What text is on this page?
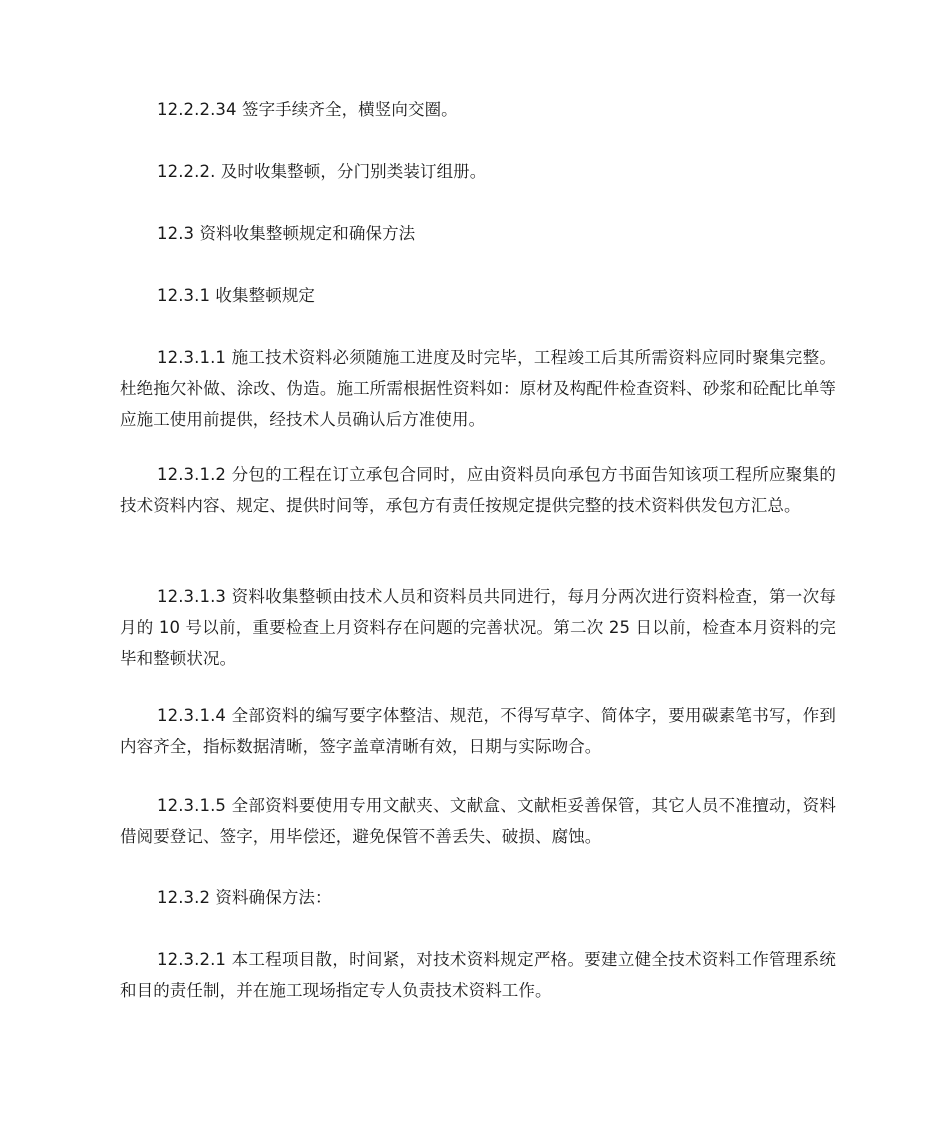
12.2.2.34 签字手续齐全，横竖向交圈。

12.2.2. 及时收集整顿，分门别类装订组册。

12.3 资料收集整顿规定和确保方法

12.3.1 收集整顿规定

12.3.1.1 施工技术资料必须随施工进度及时完毕，工程竣工后其所需资料应同时聚集完整。杜绝拖欠补做、涂改、伪造。施工所需根据性资料如：原材及构配件检查资料、砂浆和砼配比单等应施工使用前提供，经技术人员确认后方准使用。

12.3.1.2 分包的工程在订立承包合同时，应由资料员向承包方书面告知该项工程所应聚集的技术资料内容、规定、提供时间等，承包方有责任按规定提供完整的技术资料供发包方汇总。

12.3.1.3 资料收集整顿由技术人员和资料员共同进行，每月分两次进行资料检查，第一次每月的 10 号以前，重要检查上月资料存在问题的完善状况。第二次 25 日以前，检查本月资料的完毕和整顿状况。

12.3.1.4 全部资料的编写要字体整洁、规范，不得写草字、简体字，要用碳素笔书写，作到内容齐全，指标数据清晰，签字盖章清晰有效，日期与实际吻合。

12.3.1.5 全部资料要使用专用文献夹、文献盒、文献柜妥善保管，其它人员不准擅动，资料借阅要登记、签字，用毕偿还，避免保管不善丢失、破损、腐蚀。

12.3.2 资料确保方法：

12.3.2.1 本工程项目散，时间紧，对技术资料规定严格。要建立健全技术资料工作管理系统和目的责任制，并在施工现场指定专人负责技术资料工作。
